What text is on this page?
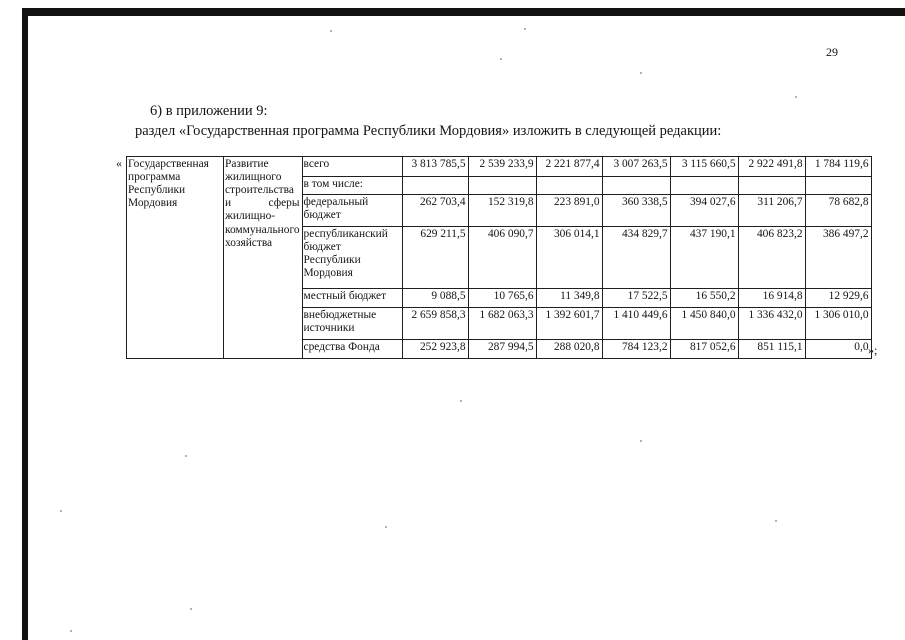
29
6) в приложении 9:
раздел «Государственная программа Республики Мордовия» изложить в следующей редакции:
« Государственная программа Республики Мордовия	Развитие жилищного строительства и сферы жилищно-коммунального хозяйства	всего	3 813 785,5	2 539 233,9	2 221 877,4	3 007 263,5	3 115 660,5	2 922 491,8	1 784 119,6
		в том числе:							
		федеральный бюджет	262 703,4	152 319,8	223 891,0	360 338,5	394 027,6	311 206,7	78 682,8
		республиканский бюджет Республики Мордовия	629 211,5	406 090,7	306 014,1	434 829,7	437 190,1	406 823,2	386 497,2
		местный бюджет	9 088,5	10 765,6	11 349,8	17 522,5	16 550,2	16 914,8	12 929,6
		внебюджетные источники	2 659 858,3	1 682 063,3	1 392 601,7	1 410 449,6	1 450 840,0	1 336 432,0	1 306 010,0
		средства Фонда	252 923,8	287 994,5	288 020,8	784 123,2	817 052,6	851 115,1	0,0 »;
